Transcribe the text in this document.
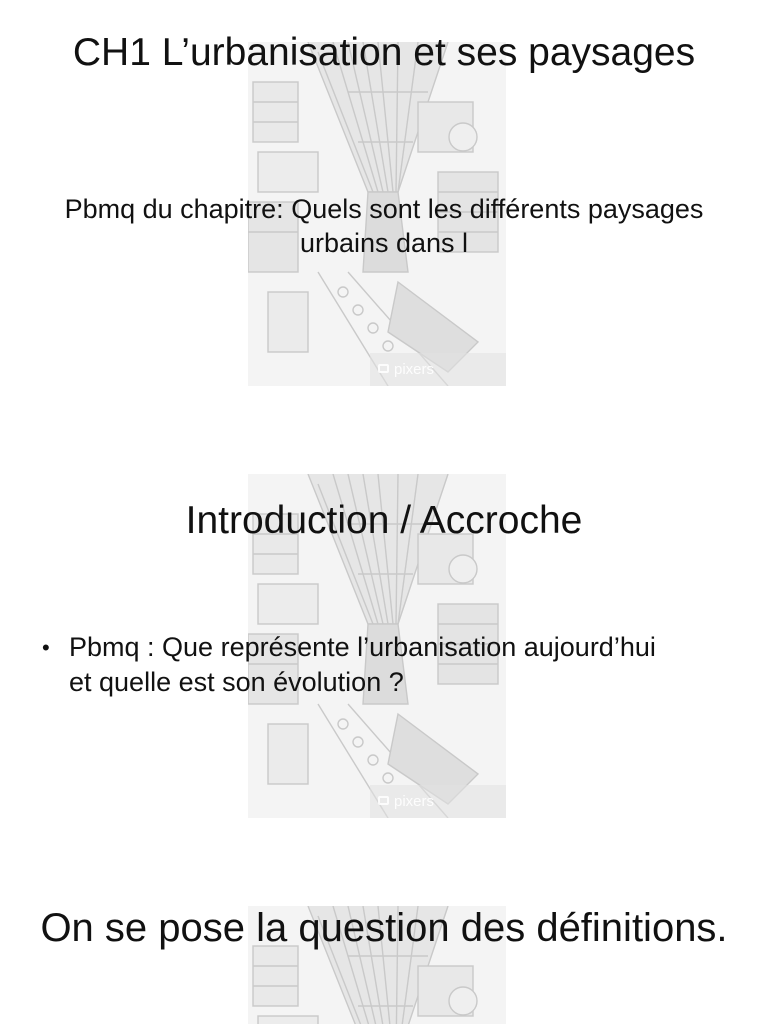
pixers
CH1 L’urbanisation et ses paysages
Pbmq du chapitre: Quels sont les différents paysages urbains dans l
pixers
Introduction / Accroche
• Pbmq : Que représente l’urbanisation aujourd’hui et quelle est son évolution ?
On se pose la question des définitions.
